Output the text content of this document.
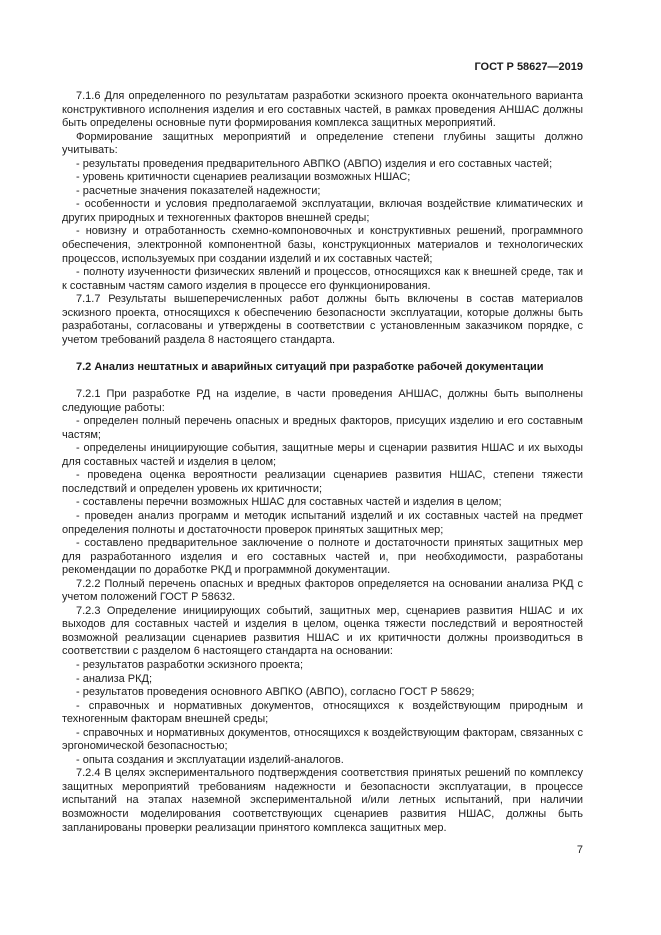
ГОСТ Р 58627—2019

7.1.6 Для определенного по результатам разработки эскизного проекта окончательного варианта конструктивного исполнения изделия и его составных частей, в рамках проведения АНШАС должны быть определены основные пути формирования комплекса защитных мероприятий.

Формирование защитных мероприятий и определение степени глубины защиты должно учитывать:

- результаты проведения предварительного АВПКО (АВПО) изделия и его составных частей;

- уровень критичности сценариев реализации возможных НШАС;

- расчетные значения показателей надежности;

- особенности и условия предполагаемой эксплуатации, включая воздействие климатических и других природных и техногенных факторов внешней среды;

- новизну и отработанность схемно-компоновочных и конструктивных решений, программного обеспечения, электронной компонентной базы, конструкционных материалов и технологических процессов, используемых при создании изделий и их составных частей;

- полноту изученности физических явлений и процессов, относящихся как к внешней среде, так и к составным частям самого изделия в процессе его функционирования.

7.1.7 Результаты вышеперечисленных работ должны быть включены в состав материалов эскизного проекта, относящихся к обеспечению безопасности эксплуатации, которые должны быть разработаны, согласованы и утверждены в соответствии с установленным заказчиком порядке, с учетом требований раздела 8 настоящего стандарта.

7.2 Анализ нештатных и аварийных ситуаций при разработке рабочей документации

7.2.1 При разработке РД на изделие, в части проведения АНШАС, должны быть выполнены следующие работы:

- определен полный перечень опасных и вредных факторов, присущих изделию и его составным частям;

- определены инициирующие события, защитные меры и сценарии развития НШАС и их выходы для составных частей и изделия в целом;

- проведена оценка вероятности реализации сценариев развития НШАС, степени тяжести последствий и определен уровень их критичности;

- составлены перечни возможных НШАС для составных частей и изделия в целом;

- проведен анализ программ и методик испытаний изделий и их составных частей на предмет определения полноты и достаточности проверок принятых защитных мер;

- составлено предварительное заключение о полноте и достаточности принятых защитных мер для разработанного изделия и его составных частей и, при необходимости, разработаны рекомендации по доработке РКД и программной документации.

7.2.2 Полный перечень опасных и вредных факторов определяется на основании анализа РКД с учетом положений ГОСТ Р 58632.

7.2.3 Определение инициирующих событий, защитных мер, сценариев развития НШАС и их выходов для составных частей и изделия в целом, оценка тяжести последствий и вероятностей возможной реализации сценариев развития НШАС и их критичности должны производиться в соответствии с разделом 6 настоящего стандарта на основании:

- результатов разработки эскизного проекта;

- анализа РКД;

- результатов проведения основного АВПКО (АВПО), согласно ГОСТ Р 58629;

- справочных и нормативных документов, относящихся к воздействующим природным и техногенным факторам внешней среды;

- справочных и нормативных документов, относящихся к воздействующим факторам, связанных с эргономической безопасностью;

- опыта создания и эксплуатации изделий-аналогов.

7.2.4 В целях экспериментального подтверждения соответствия принятых решений по комплексу защитных мероприятий требованиям надежности и безопасности эксплуатации, в процессе испытаний на этапах наземной экспериментальной и/или летных испытаний, при наличии возможности моделирования соответствующих сценариев развития НШАС, должны быть запланированы проверки реализации принятого комплекса защитных мер.

7
